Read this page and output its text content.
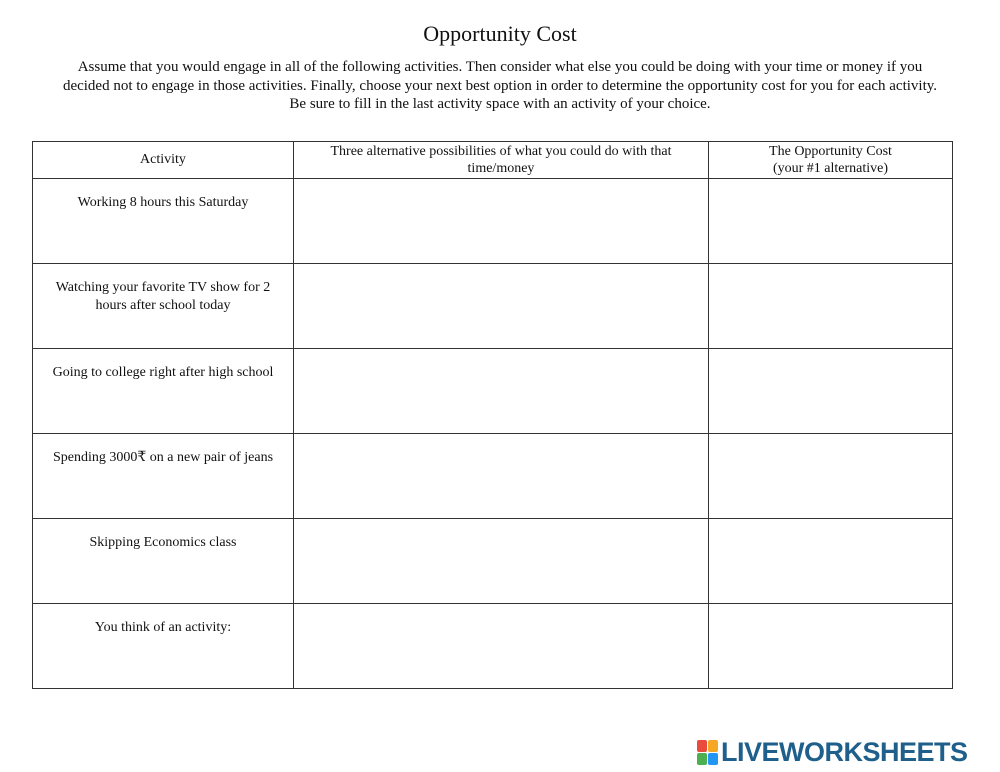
Opportunity Cost
Assume that you would engage in all of the following activities. Then consider what else you could be doing with your time or money if you decided not to engage in those activities. Finally, choose your next best option in order to determine the opportunity cost for you for each activity. Be sure to fill in the last activity space with an activity of your choice.
Activity	Three alternative possibilities of what you could do with that time/money	The Opportunity Cost
(your #1 alternative)
Working 8 hours this Saturday		
Watching your favorite TV show for 2 hours after school today		
Going to college right after high school		
Spending 3000₹ on a new pair of jeans		
Skipping Economics class		
You think of an activity:		
LIVEWORKSHEETS
